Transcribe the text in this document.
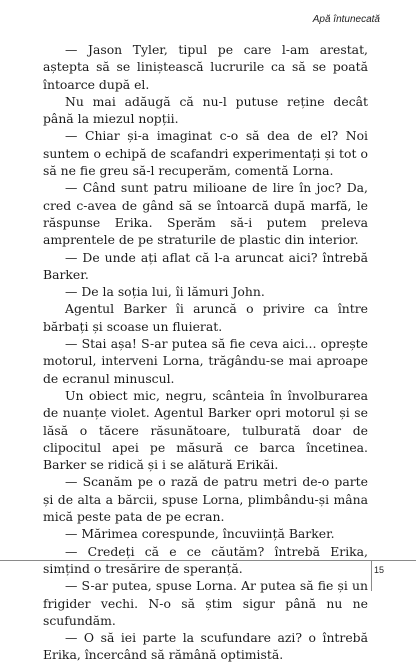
Apă întunecată

— Jason Tyler, tipul pe care l-am arestat, așteptа să se liniștească lucrurile ca să se poată întoarce după el.

Nu mai adăugă că nu-l putuse reține decât până la miezul nopții.

— Chiar și-a imaginat c-o să dea de el? Noi suntem o echipă de scafandri experimentați și tot o să ne fie greu să-l recuperăm, comentă Lorna.

— Când sunt patru milioane de lire în joc? Da, cred c-avea de gând să se întoarcă după marfă, le răspunse Erika. Sperăm să-i putem preleva amprentele de pe straturile de plastic din interior.

— De unde ați aflat că l-a aruncat aici? întrebă Barker.

— De la soția lui, îi lămuri John.

Agentul Barker îi aruncă o privire ca între bărbați și scoase un fluierat.

— Stai așa! S-ar putea să fie ceva aici... oprește motorul, interveni Lorna, trăgându-se mai aproape de ecranul minuscul.

Un obiect mic, negru, scânteia în învolburarea de nuanțe violet. Agentul Barker opri motorul și se lăsă o tăcere răsunătoare, tulburată doar de clipocitul apei pe măsură ce barca încetinea. Barker se ridică și i se alătură Erikăi.

— Scanăm pe o rază de patru metri de-o parte și de alta a bărcii, spuse Lorna, plimbându-și mâna mică peste pata de pe ecran.

— Mărimea corespunde, încuviință Barker.

— Credeți că e ce căutăm? întrebă Erika, simțind o tresărire de speranță.

— S-ar putea, spuse Lorna. Ar putea să fie și un frigider vechi. N-o să știm sigur până nu ne scufundăm.

— O să iei parte la scufundare azi? o întrebă Erika, încercând să rămână optimistă.

15
